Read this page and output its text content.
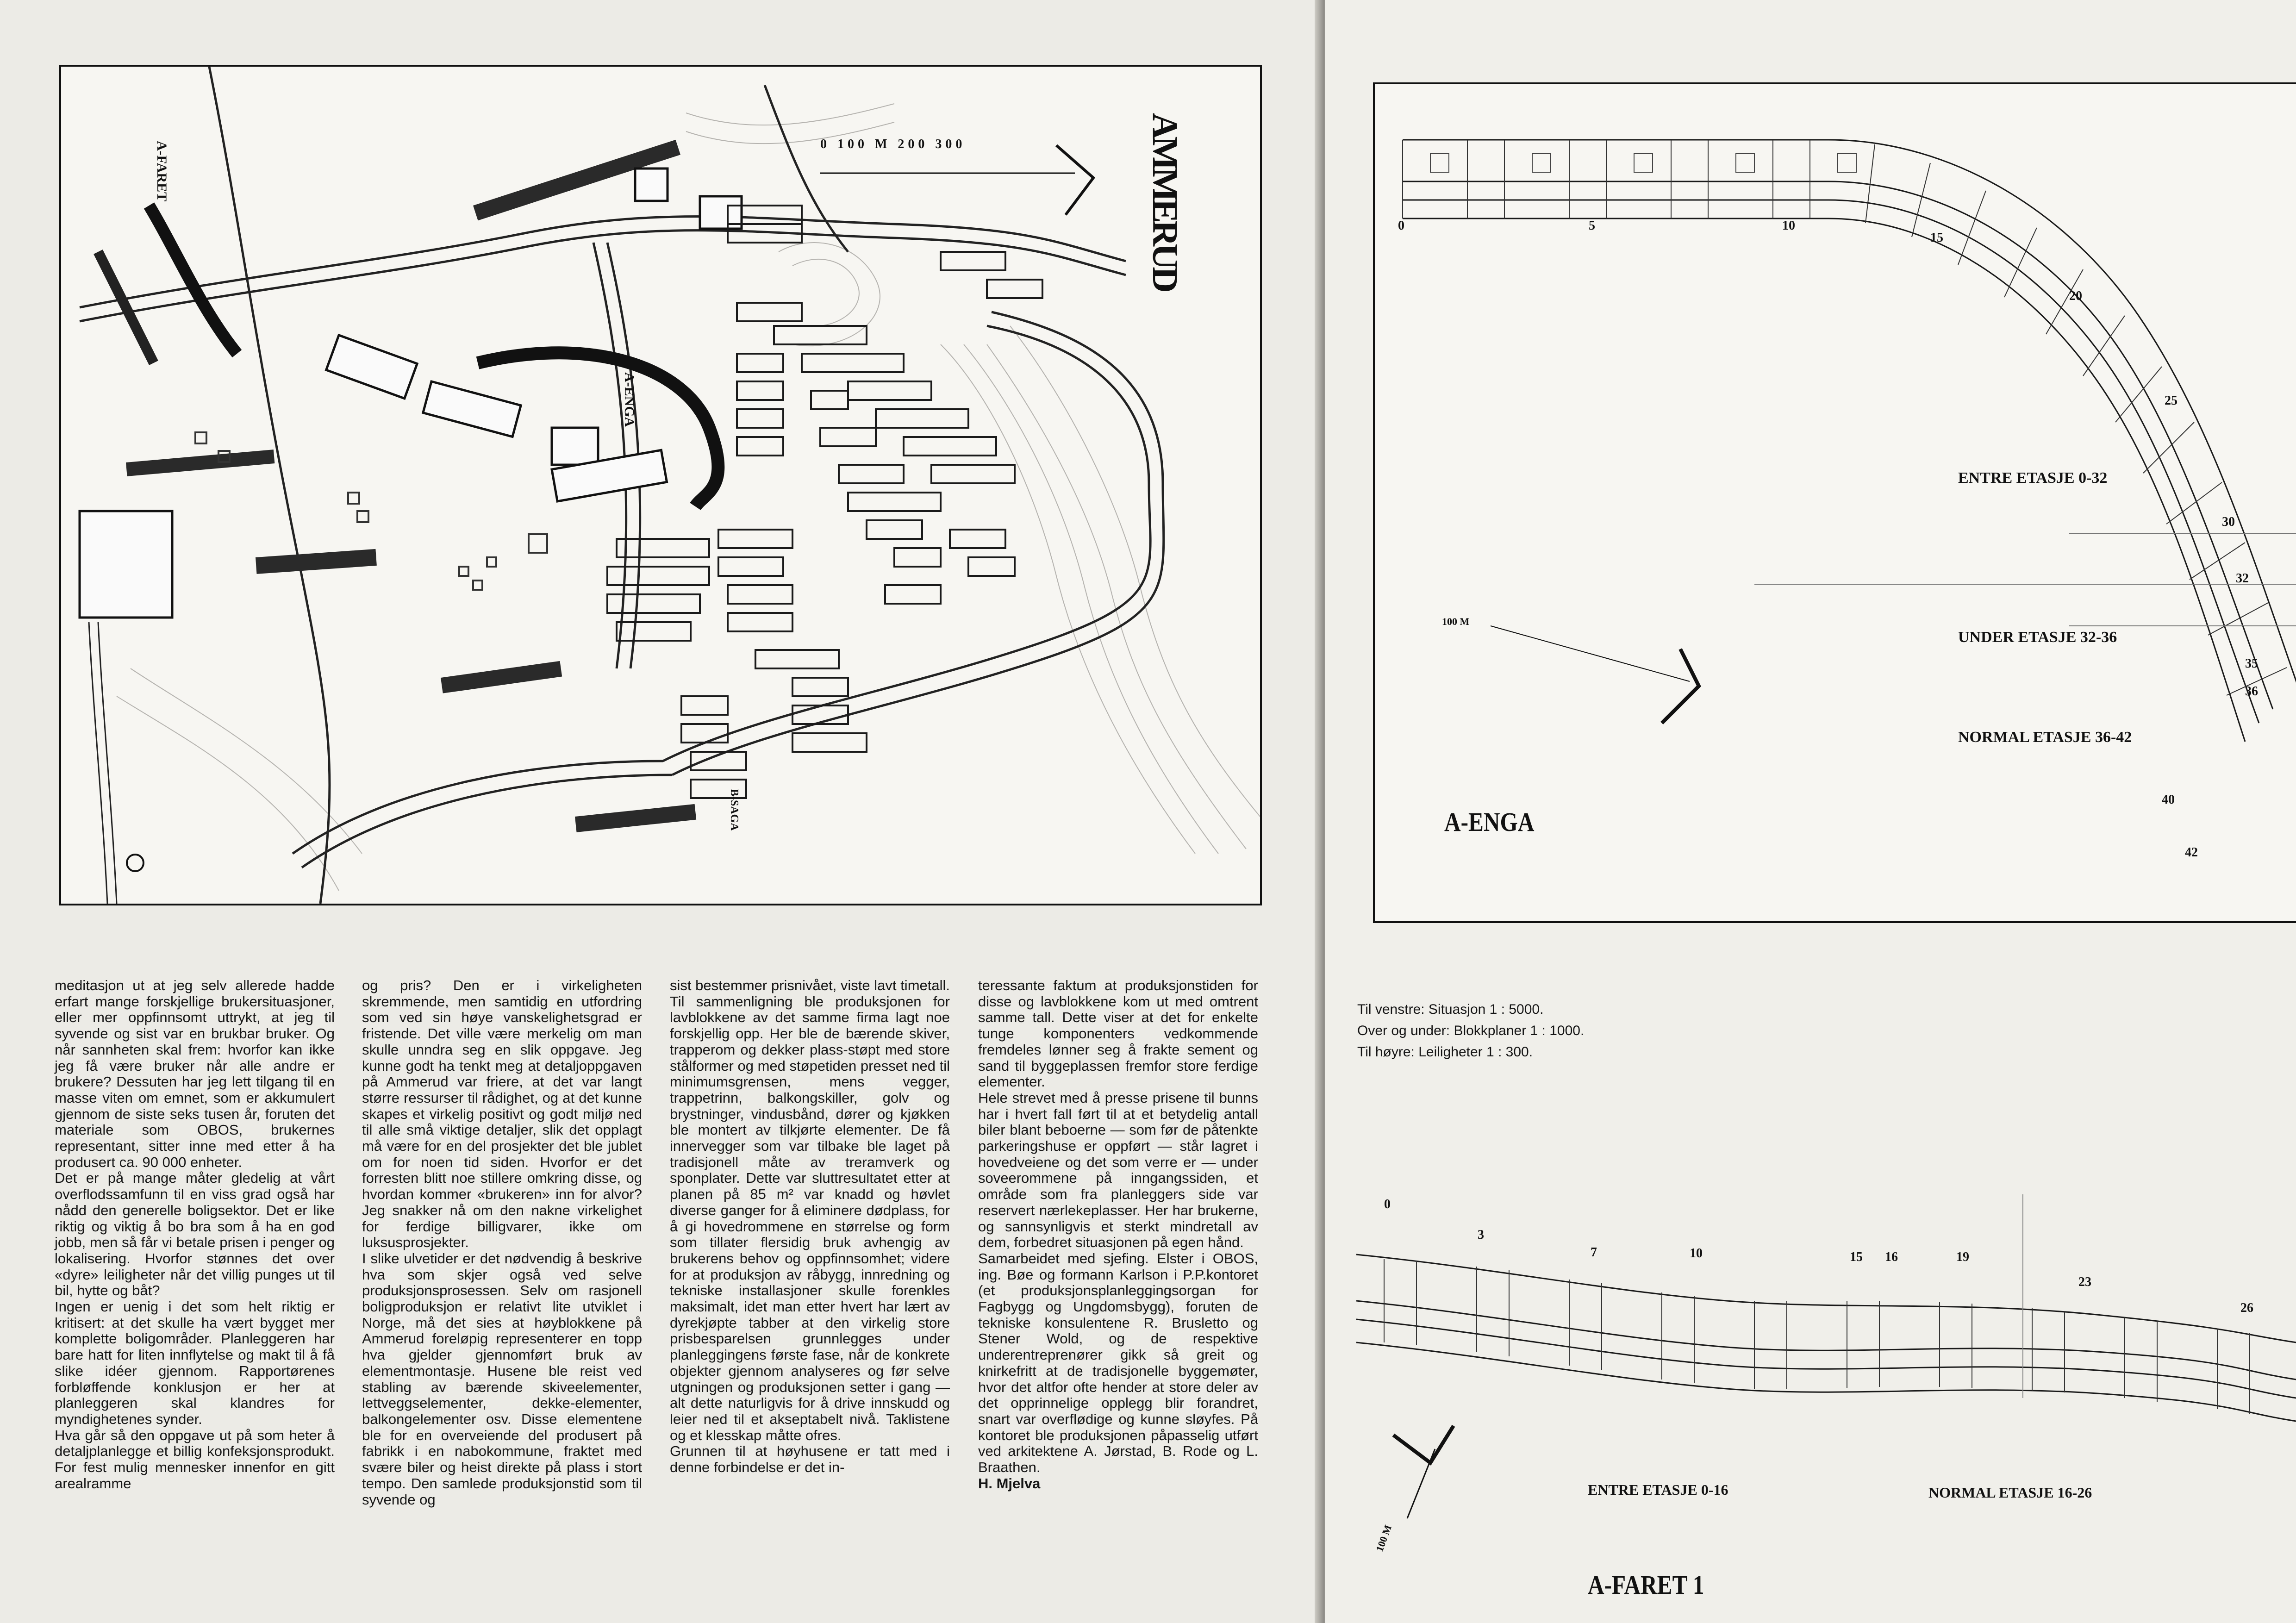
AMMERUD
A-FARET
A-ENGA
B-SAGA
0 100 M 200 300

meditasjon ut at jeg selv allerede hadde erfart mange forskjellige brukersituasjoner, eller mer oppfinnsomt uttrykt, at jeg til syvende og sist var en brukbar bruker. Og når sannheten skal frem: hvorfor kan ikke jeg få være bruker når alle andre er brukere? Dessuten har jeg lett tilgang til en masse viten om emnet, som er akkumulert gjennom de siste seks tusen år, foruten det materiale som OBOS, brukernes representant, sitter inne med etter å ha produsert ca. 90 000 enheter.

Det er på mange måter gledelig at vårt overflodssamfunn til en viss grad også har nådd den generelle boligsektor. Det er like riktig og viktig å bo bra som å ha en god jobb, men så får vi betale prisen i penger og lokalisering. Hvorfor stønnes det over «dyre» leiligheter når det villig punges ut til bil, hytte og båt?

Ingen er uenig i det som helt riktig er kritisert: at det skulle ha vært bygget mer komplette boligområder. Planleggeren har bare hatt for liten innflytelse og makt til å få slike idéer gjennom. Rapportørenes forbløffende konklusjon er her at planleggeren skal klandres for myndighetenes synder.

Hva går så den oppgave ut på som heter å detaljplanlegge et billig konfeksjonsprodukt. For fest mulig mennesker innenfor en gitt arealramme

og pris? Den er i virkeligheten skremmende, men samtidig en utfordring som ved sin høye vanskelighetsgrad er fristende. Det ville være merkelig om man skulle unndra seg en slik oppgave. Jeg kunne godt ha tenkt meg at detaljoppgaven på Ammerud var friere, at det var langt større ressurser til rådighet, og at det kunne skapes et virkelig positivt og godt miljø ned til alle små viktige detaljer, slik det opplagt må være for en del prosjekter det ble jublet om for noen tid siden. Hvorfor er det forresten blitt noe stillere omkring disse, og hvordan kommer «brukeren» inn for alvor? Jeg snakker nå om den nakne virkelighet for ferdige billigvarer, ikke om luksusprosjekter.

I slike ulvetider er det nødvendig å beskrive hva som skjer også ved selve produksjonsprosessen. Selv om rasjonell boligproduksjon er relativt lite utviklet i Norge, må det sies at høyblokkene på Ammerud foreløpig representerer en topp hva gjelder gjennomført bruk av elementmontasje. Husene ble reist ved stabling av bærende skiveelementer, lettveggselementer, dekke-elementer, balkongelementer osv. Disse elementene ble for en overveiende del produsert på fabrikk i en nabokommune, fraktet med svære biler og heist direkte på plass i stort tempo. Den samlede produksjonstid som til syvende og

sist bestemmer prisnivået, viste lavt timetall. Til sammenligning ble produksjonen for lavblokkene av det samme firma lagt noe forskjellig opp. Her ble de bærende skiver, trapperom og dekker plass-støpt med store stålformer og med støpetiden presset ned til minimumsgrensen, mens vegger, trappetrinn, balkongskiller, golv og brystninger, vindusbånd, dører og kjøkken ble montert av tilkjørte elementer. De få innervegger som var tilbake ble laget på tradisjonell måte av treramverk og sponplater. Dette var sluttresultatet etter at planen på 85 m² var knadd og høvlet diverse ganger for å eliminere dødplass, for å gi hovedrommene en størrelse og form som tillater flersidig bruk avhengig av brukerens behov og oppfinnsomhet; videre for at produksjon av råbygg, innredning og tekniske installasjoner skulle forenkles maksimalt, idet man etter hvert har lært av dyrekjøpte tabber at den virkelig store prisbesparelsen grunnlegges under planleggingens første fase, når de konkrete objekter gjennom analyseres og før selve utgningen og produksjonen setter i gang — alt dette naturligvis for å drive innskudd og leier ned til et akseptabelt nivå. Taklistene og et klesskap måtte ofres.

Grunnen til at høyhusene er tatt med i denne forbindelse er det in-

teressante faktum at produksjonstiden for disse og lavblokkene kom ut med omtrent samme tall. Dette viser at det for enkelte tunge komponenters vedkommende fremdeles lønner seg å frakte sement og sand til byggeplassen fremfor store ferdige elementer.

Hele strevet med å presse prisene til bunns har i hvert fall ført til at et betydelig antall biler blant beboerne — som før de påtenkte parkeringshuse er oppført — står lagret i hovedveiene og det som verre er — under soveerommene på inngangssiden, et område som fra planleggers side var reservert nærlekeplasser. Her har brukerne, og sannsynligvis et sterkt mindretall av dem, forbedret situasjonen på egen hånd.

Samarbeidet med sjefing. Elster i OBOS, ing. Bøe og formann Karlson i P.P.kontoret (et produksjonsplanleggingsorgan for Fagbygg og Ungdomsbygg), foruten de tekniske konsulentene R. Brusletto og Stener Wold, og de respektive underentreprenører gikk så greit og knirkefritt at de tradisjonelle byggemøter, hvor det altfor ofte hender at store deler av det opprinnelige opplegg blir forandret, snart var overflødige og kunne sløyfes. På kontoret ble produksjonen påpasselig utført ved arkitektene A. Jørstad, B. Rode og L. Braathen.

H. Mjelva

A-ENGA
ENTRE ETASJE 0-32
UNDER ETASJE 32-36
NORMAL ETASJE 36-42
100 M
0	5	10
15
20
25
30
32
35
36
40
42
Til venstre: Situasjon 1 : 5000.
Over og under: Blokkplaner 1 : 1000.
Til høyre: Leiligheter 1 : 300.
A-FARET 1
ENTRE ETASJE 0-16	NORMAL ETASJE 16-26
100 M
0
3
7	10	15 16	19
23
26
